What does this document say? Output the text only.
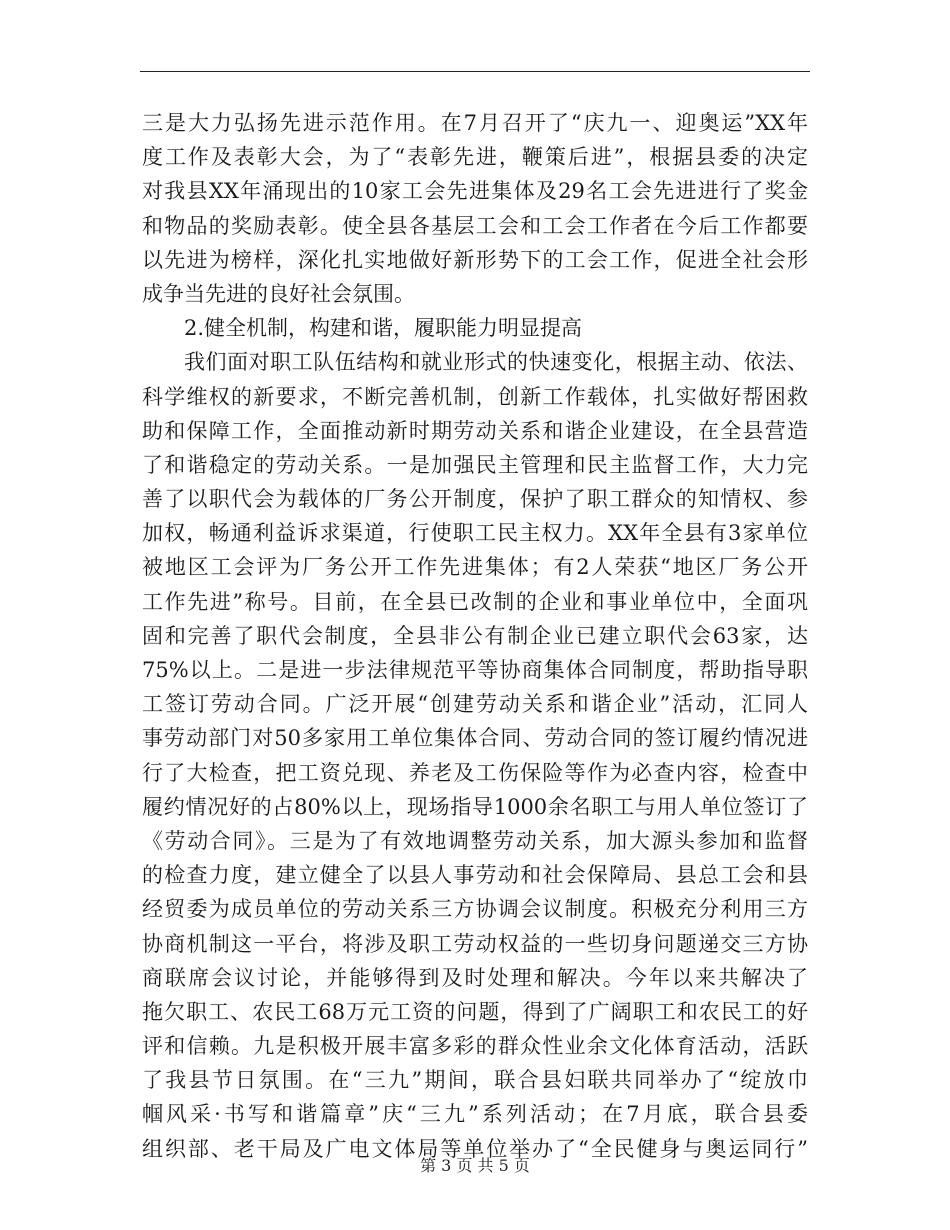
三是大力弘扬先进示范作用。在7月召开了“庆九一、迎奥运”XX年
度工作及表彰大会，为了“表彰先进，鞭策后进”，根据县委的决定
对我县XX年涌现出的10家工会先进集体及29名工会先进进行了奖金
和物品的奖励表彰。使全县各基层工会和工会工作者在今后工作都要
以先进为榜样，深化扎实地做好新形势下的工会工作，促进全社会形
成争当先进的良好社会氛围。
2.健全机制，构建和谐，履职能力明显提高
我们面对职工队伍结构和就业形式的快速变化，根据主动、依法、
科学维权的新要求，不断完善机制，创新工作载体，扎实做好帮困救
助和保障工作，全面推动新时期劳动关系和谐企业建设，在全县营造
了和谐稳定的劳动关系。一是加强民主管理和民主监督工作，大力完
善了以职代会为载体的厂务公开制度，保护了职工群众的知情权、参
加权，畅通利益诉求渠道，行使职工民主权力。XX年全县有3家单位
被地区工会评为厂务公开工作先进集体；有2人荣获“地区厂务公开
工作先进”称号。目前，在全县已改制的企业和事业单位中，全面巩
固和完善了职代会制度，全县非公有制企业已建立职代会63家，达
75%以上。二是进一步法律规范平等协商集体合同制度，帮助指导职
工签订劳动合同。广泛开展“创建劳动关系和谐企业”活动，汇同人
事劳动部门对50多家用工单位集体合同、劳动合同的签订履约情况进
行了大检查，把工资兑现、养老及工伤保险等作为必查内容，检查中
履约情况好的占80%以上，现场指导1000余名职工与用人单位签订了
《劳动合同》。三是为了有效地调整劳动关系，加大源头参加和监督
的检查力度，建立健全了以县人事劳动和社会保障局、县总工会和县
经贸委为成员单位的劳动关系三方协调会议制度。积极充分利用三方
协商机制这一平台，将涉及职工劳动权益的一些切身问题递交三方协
商联席会议讨论，并能够得到及时处理和解决。今年以来共解决了
拖欠职工、农民工68万元工资的问题，得到了广阔职工和农民工的好
评和信赖。九是积极开展丰富多彩的群众性业余文化体育活动，活跃
了我县节日氛围。在“三九”期间，联合县妇联共同举办了“绽放巾
帼风采·书写和谐篇章”庆“三九”系列活动；在7月底，联合县委
组织部、老干局及广电文体局等单位举办了“全民健身与奥运同行”
第 3 页 共 5 页
